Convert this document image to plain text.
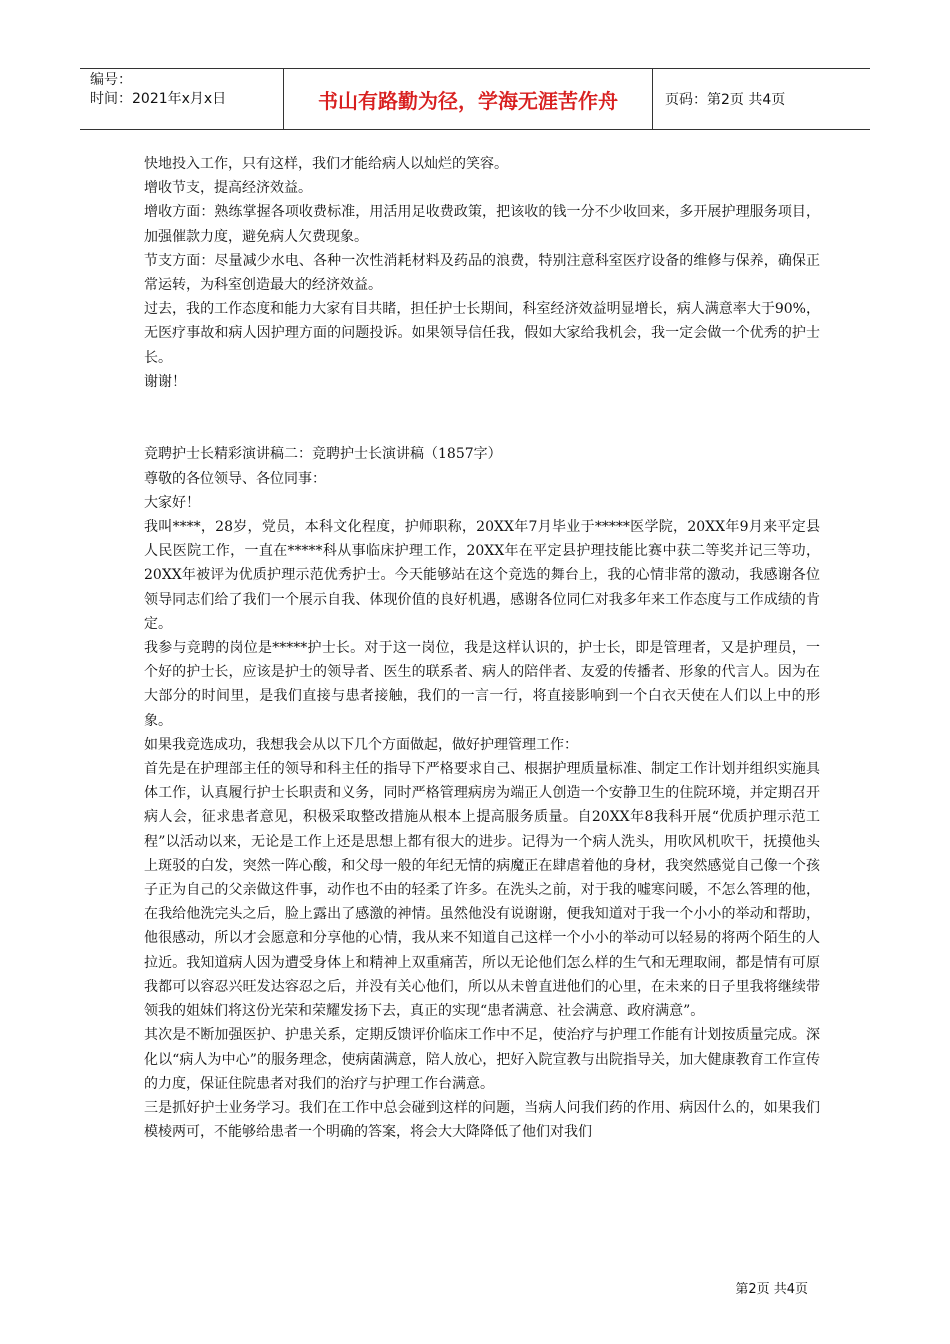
编号：
时间：2021年x月x日	书山有路勤为径，学海无涯苦作舟	页码：第2页 共4页

快地投入工作，只有这样，我们才能给病人以灿烂的笑容。

增收节支，提高经济效益。

增收方面：熟练掌握各项收费标准，用活用足收费政策，把该收的钱一分不少收回来，多开展护理服务项目，加强催款力度，避免病人欠费现象。

节支方面：尽量减少水电、各种一次性消耗材料及药品的浪费，特别注意科室医疗设备的维修与保养，确保正常运转，为科室创造最大的经济效益。

过去，我的工作态度和能力大家有目共睹，担任护士长期间，科室经济效益明显增长，病人满意率大于90%，无医疗事故和病人因护理方面的问题投诉。如果领导信任我，假如大家给我机会，我一定会做一个优秀的护士长。

谢谢！

竞聘护士长精彩演讲稿二：竞聘护士长演讲稿（1857字）

尊敬的各位领导、各位同事：

大家好！

我叫****，28岁，党员，本科文化程度，护师职称，20XX年7月毕业于*****医学院，20XX年9月来平定县人民医院工作，一直在*****科从事临床护理工作，20XX年在平定县护理技能比赛中获二等奖并记三等功，20XX年被评为优质护理示范优秀护士。今天能够站在这个竞选的舞台上，我的心情非常的激动，我感谢各位领导同志们给了我们一个展示自我、体现价值的良好机遇，感谢各位同仁对我多年来工作态度与工作成绩的肯定。

我参与竞聘的岗位是*****护士长。对于这一岗位，我是这样认识的，护士长，即是管理者，又是护理员，一个好的护士长，应该是护士的领导者、医生的联系者、病人的陪伴者、友爱的传播者、形象的代言人。因为在大部分的时间里，是我们直接与患者接触，我们的一言一行，将直接影响到一个白衣天使在人们以上中的形象。

如果我竞选成功，我想我会从以下几个方面做起，做好护理管理工作：

首先是在护理部主任的领导和科主任的指导下严格要求自己、根据护理质量标准、制定工作计划并组织实施具体工作，认真履行护士长职责和义务，同时严格管理病房为端正人创造一个安静卫生的住院环境，并定期召开病人会，征求患者意见，积极采取整改措施从根本上提高服务质量。自20XX年8我科开展“优质护理示范工程”以活动以来，无论是工作上还是思想上都有很大的进步。记得为一个病人洗头，用吹风机吹干，抚摸他头上斑驳的白发，突然一阵心酸，和父母一般的年纪无情的病魔正在肆虐着他的身材，我突然感觉自己像一个孩子正为自己的父亲做这件事，动作也不由的轻柔了许多。在洗头之前，对于我的嘘寒问暖，不怎么答理的他，在我给他洗完头之后，脸上露出了感激的神情。虽然他没有说谢谢，便我知道对于我一个小小的举动和帮助，他很感动，所以才会愿意和分享他的心情，我从来不知道自己这样一个小小的举动可以轻易的将两个陌生的人拉近。我知道病人因为遭受身体上和精神上双重痛苦，所以无论他们怎么样的生气和无理取闹，都是情有可原我都可以容忍兴旺发达容忍之后，并没有关心他们，所以从未曾直进他们的心里，在未来的日子里我将继续带领我的姐妹们将这份光荣和荣耀发扬下去，真正的实现“患者满意、社会满意、政府满意”。

其次是不断加强医护、护患关系，定期反馈评价临床工作中不足，使治疗与护理工作能有计划按质量完成。深化以“病人为中心”的服务理念，使病菌满意，陪人放心，把好入院宣教与出院指导关，加大健康教育工作宣传的力度，保证住院患者对我们的治疗与护理工作台满意。

三是抓好护士业务学习。我们在工作中总会碰到这样的问题，当病人问我们药的作用、病因什么的，如果我们模棱两可，不能够给患者一个明确的答案，将会大大降降低了他们对我们

第2页 共4页
